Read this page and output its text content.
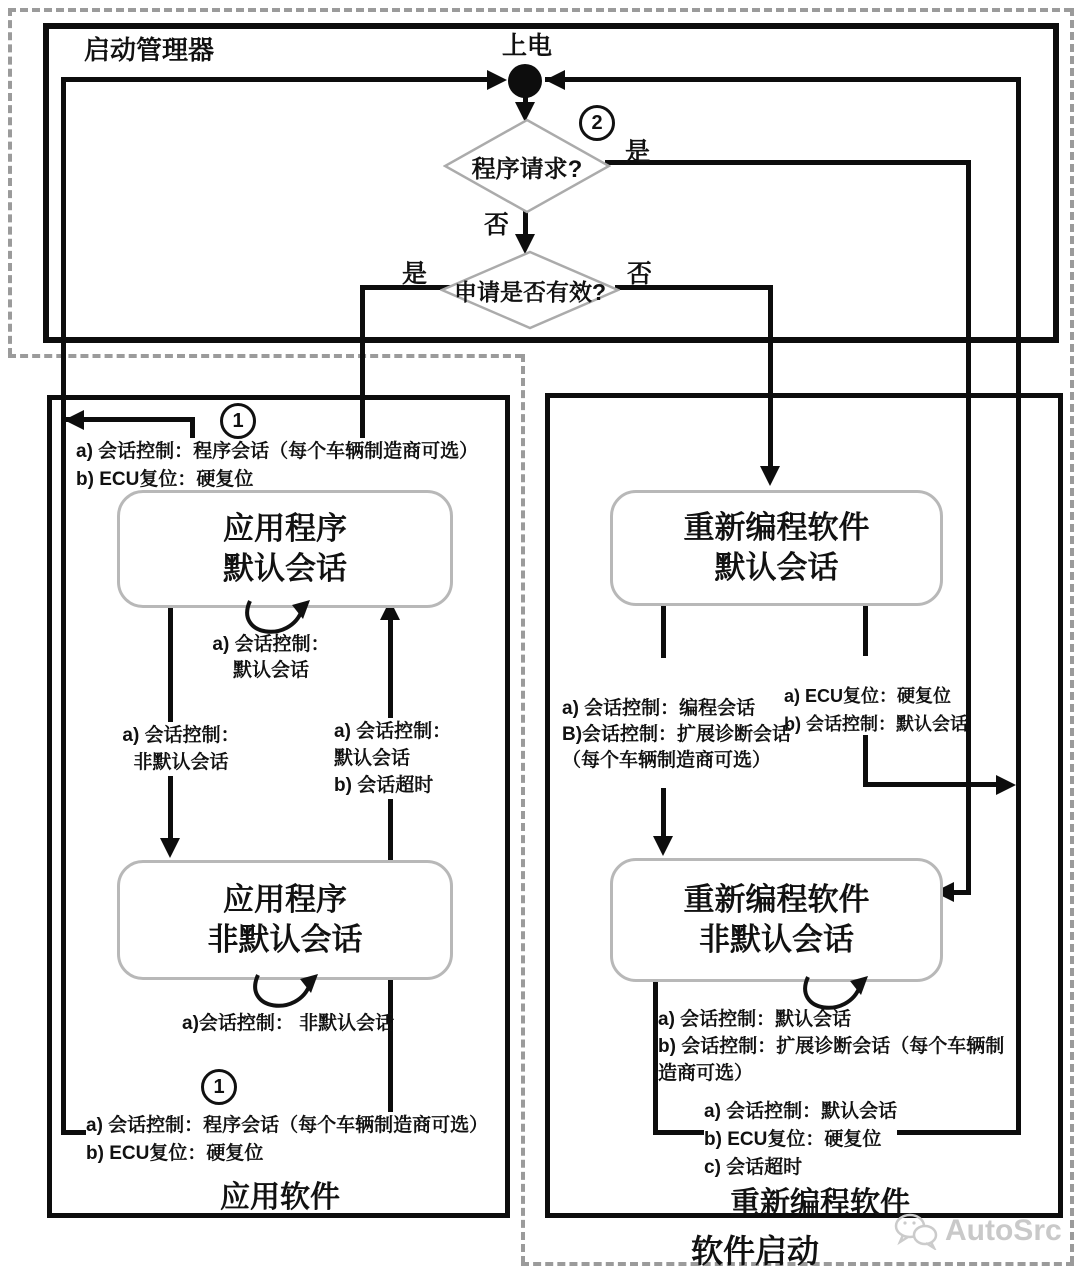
上电
启动管理器
程序请求?
2
是
否
申请是否有效?
是	否
1
a) 会话控制：程序会话（每个车辆制造商可选）
b) ECU复位：硬复位
应用程序
默认会话
a) 会话控制：
默认会话
a) 会话控制：
非默认会话
a) 会话控制：
默认会话
b) 会话超时
应用程序
非默认会话
a)会话控制： 非默认会话
1
a) 会话控制：程序会话（每个车辆制造商可选）
b) ECU复位：硬复位
应用软件
重新编程软件
默认会话
a) 会话控制：编程会话
B)会话控制：扩展诊断会话
（每个车辆制造商可选）
a) ECU复位：硬复位
b) 会话控制：默认会话
重新编程软件
非默认会话
a) 会话控制：默认会话
b) 会话控制：扩展诊断会话（每个车辆制
造商可选）
a) 会话控制：默认会话
b) ECU复位：硬复位
c) 会话超时
重新编程软件
软件启动
AutoSrc
